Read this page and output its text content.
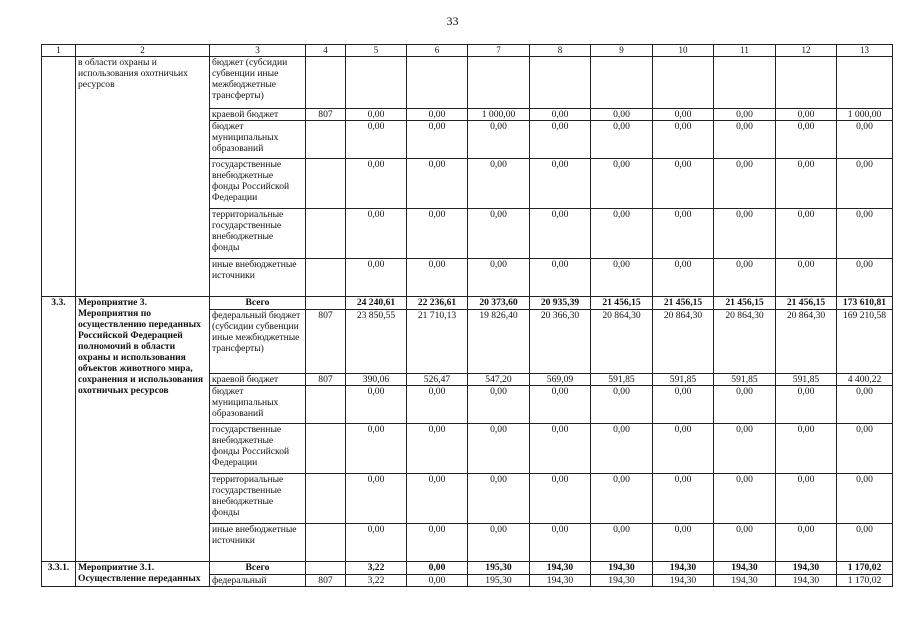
33
1	2	3	4	5	6	7	8	9	10	11	12	13
	в области охраны и использования охотничьих ресурсов	бюджет (субсидии субвенции иные межбюджетные трансферты)										
		краевой бюджет	807	0,00	0,00	1 000,00	0,00	0,00	0,00	0,00	0,00	1 000,00
		бюджет муниципальных образований		0,00	0,00	0,00	0,00	0,00	0,00	0,00	0,00	0,00
		государственные внебюджетные фонды Российской Федерации		0,00	0,00	0,00	0,00	0,00	0,00	0,00	0,00	0,00
		территориальные государственные внебюджетные фонды		0,00	0,00	0,00	0,00	0,00	0,00	0,00	0,00	0,00
		иные внебюджетные источники		0,00	0,00	0,00	0,00	0,00	0,00	0,00	0,00	0,00
3.3.	Мероприятие 3. Мероприятия по осуществлению переданных Российской Федерацией полномочий в области охраны и использования объектов животного мира, сохранения и использования охотничьих ресурсов	Всего		24 240,61	22 236,61	20 373,60	20 935,39	21 456,15	21 456,15	21 456,15	21 456,15	173 610,81
		федеральный бюджет (субсидии субвенции иные межбюджетные трансферты)	807	23 850,55	21 710,13	19 826,40	20 366,30	20 864,30	20 864,30	20 864,30	20 864,30	169 210,58
		краевой бюджет	807	390,06	526,47	547,20	569,09	591,85	591,85	591,85	591,85	4 400,22
		бюджет муниципальных образований		0,00	0,00	0,00	0,00	0,00	0,00	0,00	0,00	0,00
		государственные внебюджетные фонды Российской Федерации		0,00	0,00	0,00	0,00	0,00	0,00	0,00	0,00	0,00
		территориальные государственные внебюджетные фонды		0,00	0,00	0,00	0,00	0,00	0,00	0,00	0,00	0,00
		иные внебюджетные источники		0,00	0,00	0,00	0,00	0,00	0,00	0,00	0,00	0,00
3.3.1.	Мероприятие 3.1. Осуществление переданных	Всего		3,22	0,00	195,30	194,30	194,30	194,30	194,30	194,30	1 170,02
		федеральный	807	3,22	0,00	195,30	194,30	194,30	194,30	194,30	194,30	1 170,02
